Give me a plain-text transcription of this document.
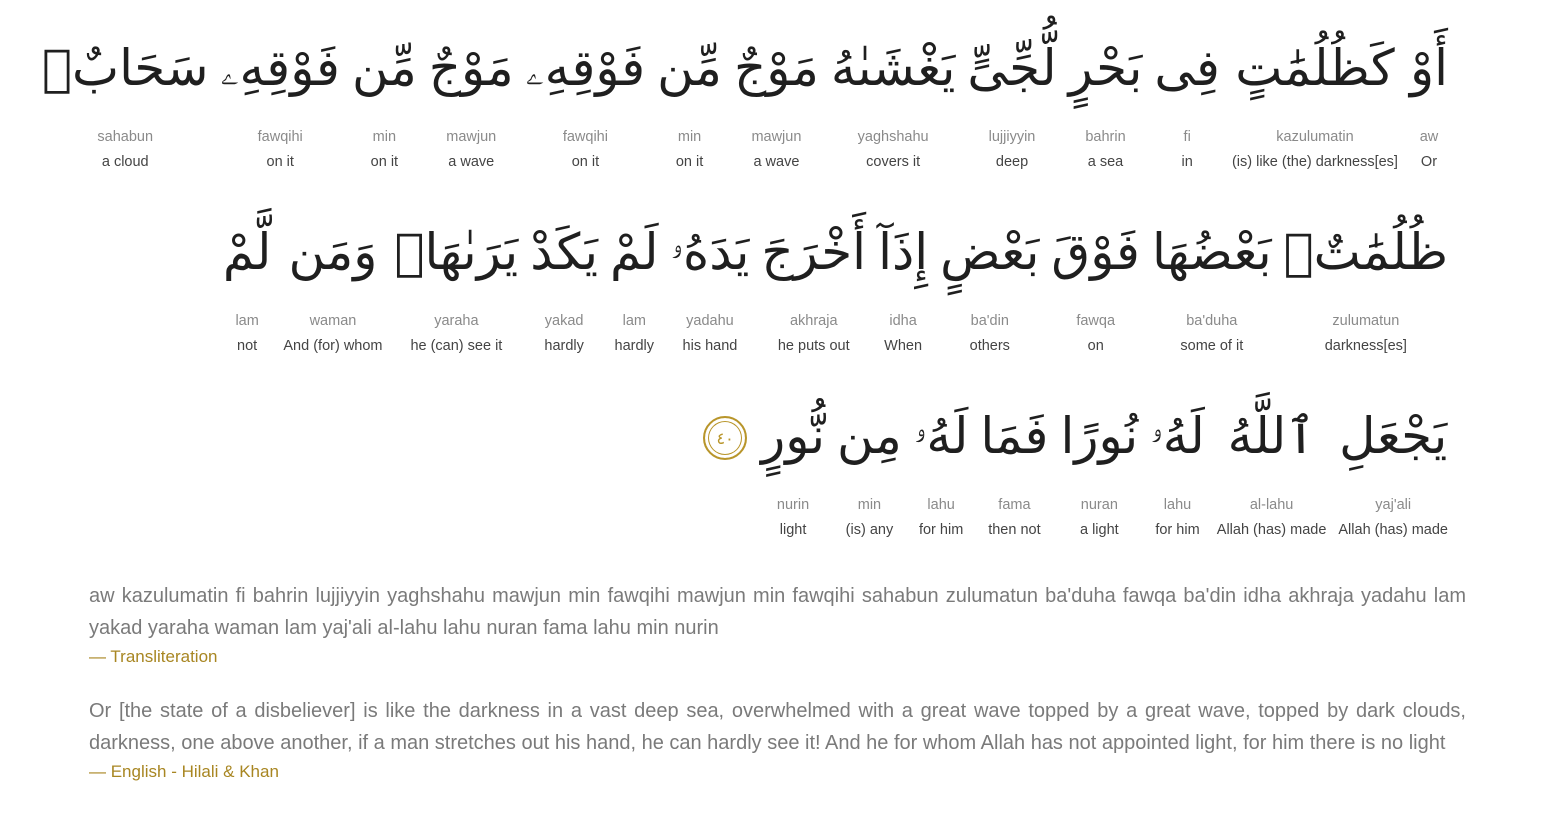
أَوْ
aw
Or
كَظُلُمَٰتٍ
kazulumatin
(is) like (the) darkness[es]
فِى
fi
in
بَحْرٍ
bahrin
a sea
لُّجِّىٍّ
lujjiyyin
deep
يَغْشَىٰهُ
yaghshahu
covers it
مَوْجٌ
mawjun
a wave
مِّن
min
on it
فَوْقِهِۦ
fawqihi
on it
مَوْجٌ
mawjun
a wave
مِّن
min
on it
فَوْقِهِۦ
fawqihi
on it
سَحَابٌۚ
sahabun
a cloud
ظُلُمَٰتٌۢ
zulumatun
darkness[es]
بَعْضُهَا
ba'duha
some of it
فَوْقَ
fawqa
on
بَعْضٍ
ba'din
others
إِذَآ
idha
When
أَخْرَجَ
akhraja
he puts out
يَدَهُۥ
yadahu
his hand
لَمْ
lam
hardly
يَكَدْ
yakad
hardly
يَرَىٰهَاۗ
yaraha
he (can) see it
وَمَن
waman
And (for) whom
لَّمْ
lam
not
يَجْعَلِ
yaj'ali
Allah (has) made
ٱللَّهُ
al-lahu
Allah (has) made
لَهُۥ
lahu
for him
نُورًا
nuran
a light
فَمَا
fama
then not
لَهُۥ
lahu
for him
مِن
min
(is) any
نُّورٍ
nurin
light
٤٠

aw kazulumatin fi bahrin lujjiyyin yaghshahu mawjun min fawqihi mawjun min fawqihi sahabun zulumatun ba'duha fawqa ba'din idha akhraja yadahu lam yakad yaraha waman lam yaj'ali al-lahu lahu nuran fama lahu min nurin

— Transliteration

Or [the state of a disbeliever] is like the darkness in a vast deep sea, overwhelmed with a great wave topped by a great wave, topped by dark clouds, darkness, one above another, if a man stretches out his hand, he can hardly see it! And he for whom Allah has not appointed light, for him there is no light

— English - Hilali & Khan
